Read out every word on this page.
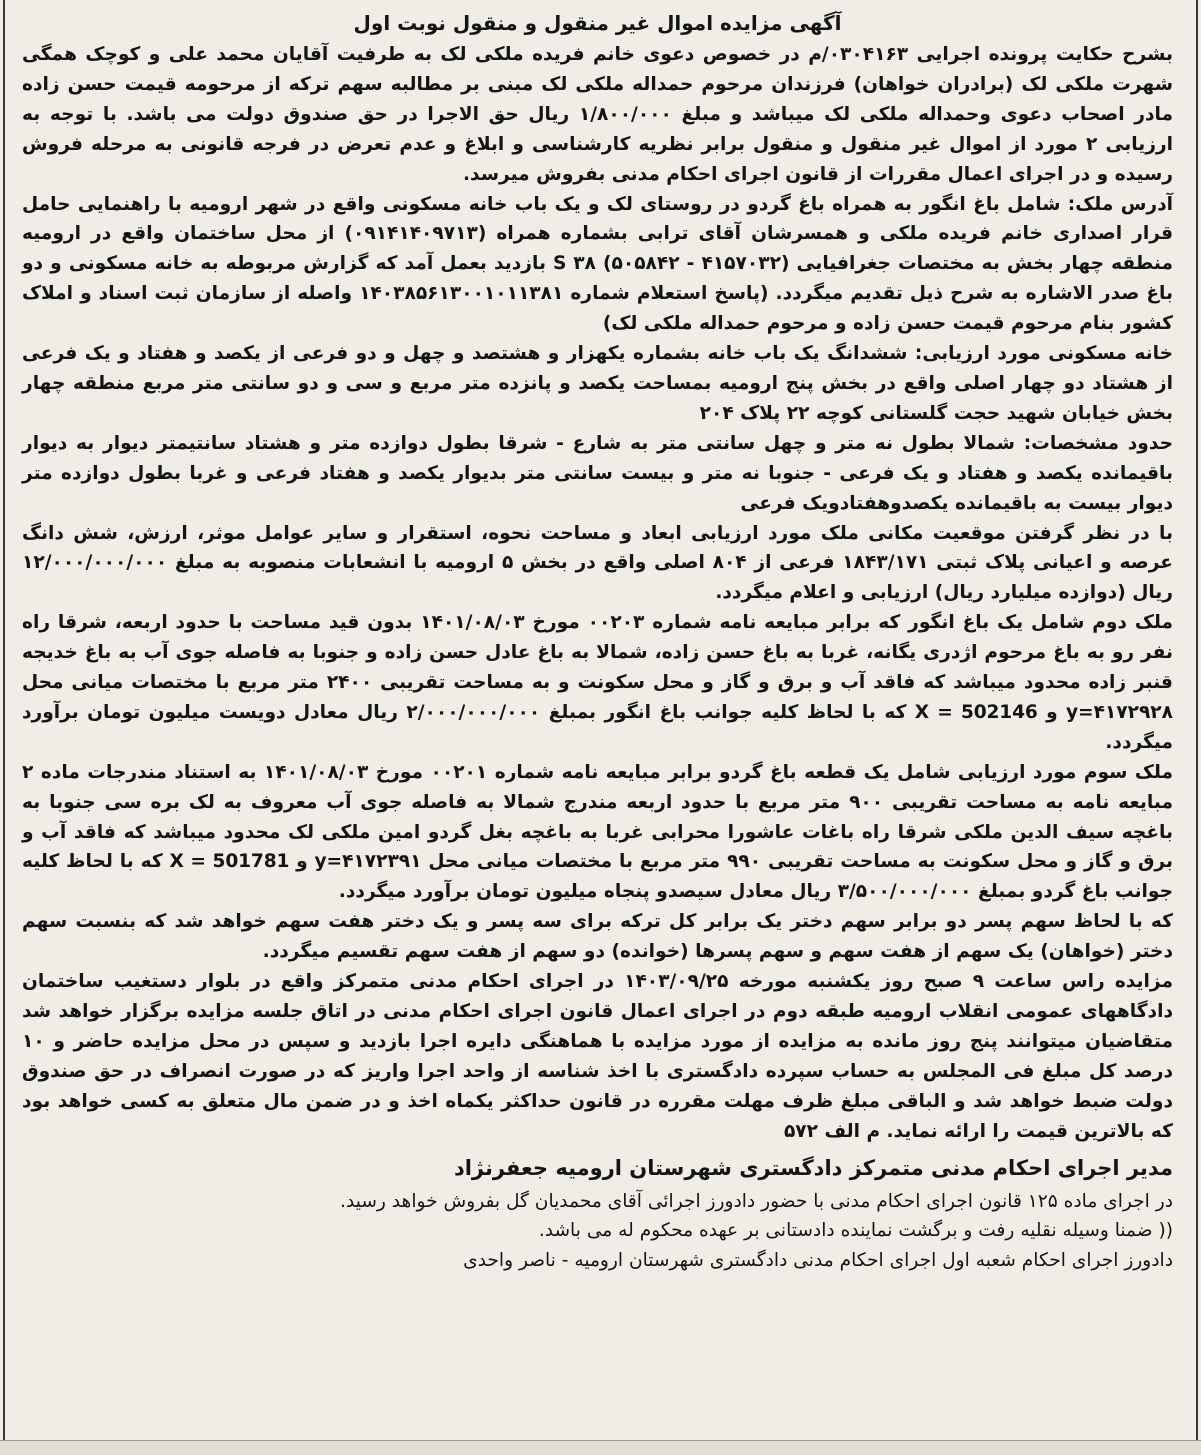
آگهی مزایده اموال غیر منقول و منقول نوبت اول

بشرح حکایت پرونده اجرایی ۰۳۰۴۱۶۳/م در خصوص دعوی خانم فریده ملکی لک به طرفیت آقایان محمد علی و کوچک همگی شهرت ملکی لک (برادران خواهان) فرزندان مرحوم حمداله ملکی لک مبنی بر مطالبه سهم ترکه از مرحومه قیمت حسن زاده مادر اصحاب دعوی وحمداله ملکی لک میباشد و مبلغ ۱/۸۰۰/۰۰۰ ریال حق الاجرا در حق صندوق دولت می باشد. با توجه به ارزیابی ۲ مورد از اموال غیر منقول و منقول برابر نظریه کارشناسی و ابلاغ و عدم تعرض در فرجه قانونی به مرحله فروش رسیده و در اجرای اعمال مقررات از قانون اجرای احکام مدنی بفروش میرسد.

آدرس ملک: شامل باغ انگور به همراه باغ گردو در روستای لک و یک باب خانه مسکونی واقع در شهر ارومیه با راهنمایی حامل قرار اصداری خانم فریده ملکی و همسرشان آقای ترابی بشماره همراه (۰۹۱۴۱۴۰۹۷۱۳) از محل ساختمان واقع در ارومیه منطقه چهار بخش به مختصات جغرافیایی (۴۱۵۷۰۳۲ - ۵۰۵۸۴۲) S ۳۸ بازدید بعمل آمد که گزارش مربوطه به خانه مسکونی و دو باغ صدر الاشاره به شرح ذیل تقدیم میگردد. (پاسخ استعلام شماره ۱۴۰۳۸۵۶۱۳۰۰۱۰۱۱۳۸۱ واصله از سازمان ثبت اسناد و املاک کشور بنام مرحوم قیمت حسن زاده و مرحوم حمداله ملکی لک)

خانه مسکونی مورد ارزیابی: ششدانگ یک باب خانه بشماره یکهزار و هشتصد و چهل و دو فرعی از یکصد و هفتاد و یک فرعی از هشتاد دو چهار اصلی واقع در بخش پنج ارومیه بمساحت یکصد و پانزده متر مربع و سی و دو سانتی متر مربع منطقه چهار بخش خیابان شهید حجت گلستانی کوچه ۲۲ پلاک ۲۰۴

حدود مشخصات: شمالا بطول نه متر و چهل سانتی متر به شارع - شرقا بطول دوازده متر و هشتاد سانتیمتر دیوار به دیوار باقیمانده یکصد و هفتاد و یک فرعی - جنوبا نه متر و بیست سانتی متر بدیوار یکصد و هفتاد فرعی و غربا بطول دوازده متر دیوار بیست به باقیمانده یکصدوهفتادویک فرعی

با در نظر گرفتن موقعیت مکانی ملک مورد ارزیابی ابعاد و مساحت نحوه، استقرار و سایر عوامل موثر، ارزش، شش دانگ عرصه و اعیانی پلاک ثبتی ۱۸۴۳/۱۷۱ فرعی از ۸۰۴ اصلی واقع در بخش ۵ ارومیه با انشعابات منصوبه به مبلغ ۱۲/۰۰۰/۰۰۰/۰۰۰ ریال (دوازده میلیارد ریال) ارزیابی و اعلام میگردد.

ملک دوم شامل یک باغ انگور که برابر مبایعه نامه شماره ۰۰۲۰۳ مورخ ۱۴۰۱/۰۸/۰۳ بدون قید مساحت با حدود اربعه، شرقا راه نفر رو به باغ مرحوم اژدری یگانه، غربا به باغ حسن زاده، شمالا به باغ عادل حسن زاده و جنوبا به فاصله جوی آب به باغ خدیجه قنبر زاده محدود میباشد که فاقد آب و برق و گاز و محل سکونت و به مساحت تقریبی ۲۴۰۰ متر مربع با مختصات میانی محل ۴۱۷۲۹۲۸=y و X = 502146 که با لحاظ کلیه جوانب باغ انگور بمبلغ ۲/۰۰۰/۰۰۰/۰۰۰ ریال معادل دویست میلیون تومان برآورد میگردد.

ملک سوم مورد ارزیابی شامل یک قطعه باغ گردو برابر مبایعه نامه شماره ۰۰۲۰۱ مورخ ۱۴۰۱/۰۸/۰۳ به استناد مندرجات ماده ۲ مبایعه نامه به مساحت تقریبی ۹۰۰ متر مربع با حدود اربعه مندرج شمالا به فاصله جوی آب معروف به لک بره سی جنوبا به باغچه سیف الدین ملکی شرقا راه باغات عاشورا محرابی غربا به باغچه بغل گردو امین ملکی لک محدود میباشد که فاقد آب و برق و گاز و محل سکونت به مساحت تقریبی ۹۹۰ متر مربع با مختصات میانی محل ۴۱۷۲۳۹۱=y و X = 501781 که با لحاظ کلیه جوانب باغ گردو بمبلغ ۳/۵۰۰/۰۰۰/۰۰۰ ریال معادل سیصدو پنجاه میلیون تومان برآورد میگردد.

که با لحاظ سهم پسر دو برابر سهم دختر یک برابر کل ترکه برای سه پسر و یک دختر هفت سهم خواهد شد که بنسبت سهم دختر (خواهان) یک سهم از هفت سهم و سهم پسرها (خوانده) دو سهم از هفت سهم تقسیم میگردد.

مزایده راس ساعت ۹ صبح روز یکشنبه مورخه ۱۴۰۳/۰۹/۲۵ در اجرای احکام مدنی متمرکز واقع در بلوار دستغیب ساختمان دادگاههای عمومی انقلاب ارومیه طبقه دوم در اجرای اعمال قانون اجرای احکام مدنی در اتاق جلسه مزایده برگزار خواهد شد متقاضیان میتوانند پنج روز مانده به مزایده از مورد مزایده با هماهنگی دایره اجرا بازدید و سپس در محل مزایده حاضر و ۱۰ درصد کل مبلغ فی المجلس به حساب سپرده دادگستری با اخذ شناسه از واحد اجرا واریز که در صورت انصراف در حق صندوق دولت ضبط خواهد شد و الباقی مبلغ ظرف مهلت مقرره در قانون حداکثر یکماه اخذ و در ضمن مال متعلق به کسی خواهد بود که بالاترین قیمت را ارائه نماید. م الف ۵۷۲

مدیر اجرای احکام مدنی متمرکز دادگستری شهرستان ارومیه جعفرنژاد

در اجرای ماده ۱۲۵ قانون اجرای احکام مدنی با حضور دادورز اجرائی آقای محمدیان گل بفروش خواهد رسید.

(( ضمنا وسیله نقلیه رفت و برگشت نماینده دادستانی بر عهده محکوم له می باشد.

دادورز اجرای احکام شعبه اول اجرای احکام مدنی دادگستری شهرستان ارومیه - ناصر واحدی
